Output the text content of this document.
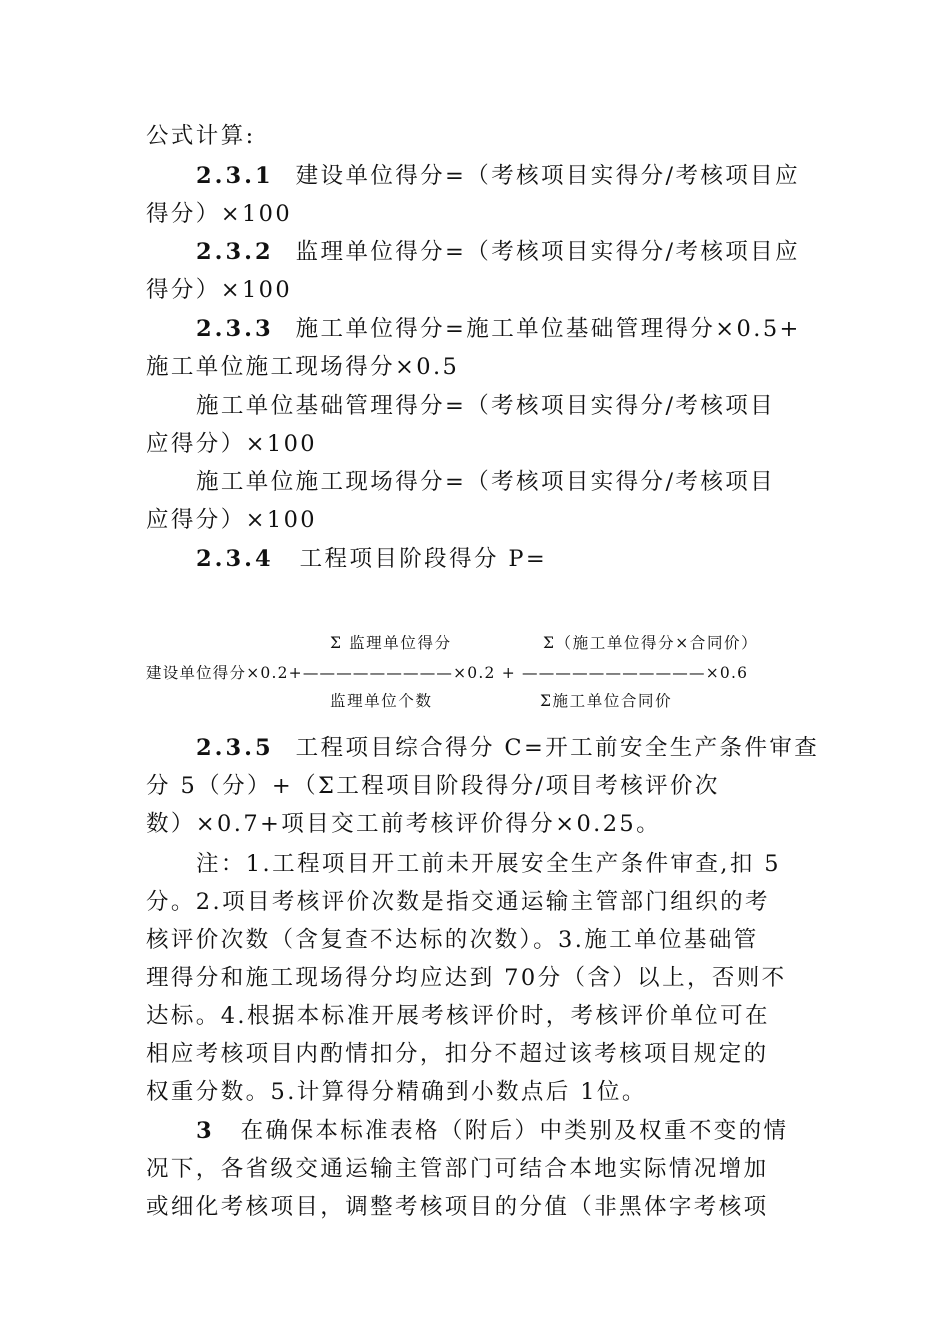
公式计算:
2.3.1 建设单位得分=（考核项目实得分/考核项目应
得分）×100
2.3.2 监理单位得分=（考核项目实得分/考核项目应
得分）×100
2.3.3 施工单位得分=施工单位基础管理得分×0.5+
施工单位施工现场得分×0.5
施工单位基础管理得分=（考核项目实得分/考核项目
应得分）×100
施工单位施工现场得分=（考核项目实得分/考核项目
应得分）×100
2.3.4 工程项目阶段得分 P=
Σ 监理单位得分	Σ（施工单位得分×合同价）
建设单位得分×0.2+—————————×0.2 + ———————————×0.6
监理单位个数	Σ施工单位合同价
2.3.5 工程项目综合得分 C=开工前安全生产条件审查
分 5（分）+（Σ工程项目阶段得分/项目考核评价次
数）×0.7+项目交工前考核评价得分×0.25。
注：1.工程项目开工前未开展安全生产条件审查,扣 5
分。2.项目考核评价次数是指交通运输主管部门组织的考
核评价次数（含复查不达标的次数）。3.施工单位基础管
理得分和施工现场得分均应达到 70分（含）以上，否则不
达标。4.根据本标准开展考核评价时，考核评价单位可在
相应考核项目内酌情扣分，扣分不超过该考核项目规定的
权重分数。5.计算得分精确到小数点后 1位。
3 在确保本标准表格（附后）中类别及权重不变的情
况下，各省级交通运输主管部门可结合本地实际情况增加
或细化考核项目，调整考核项目的分值（非黑体字考核项
